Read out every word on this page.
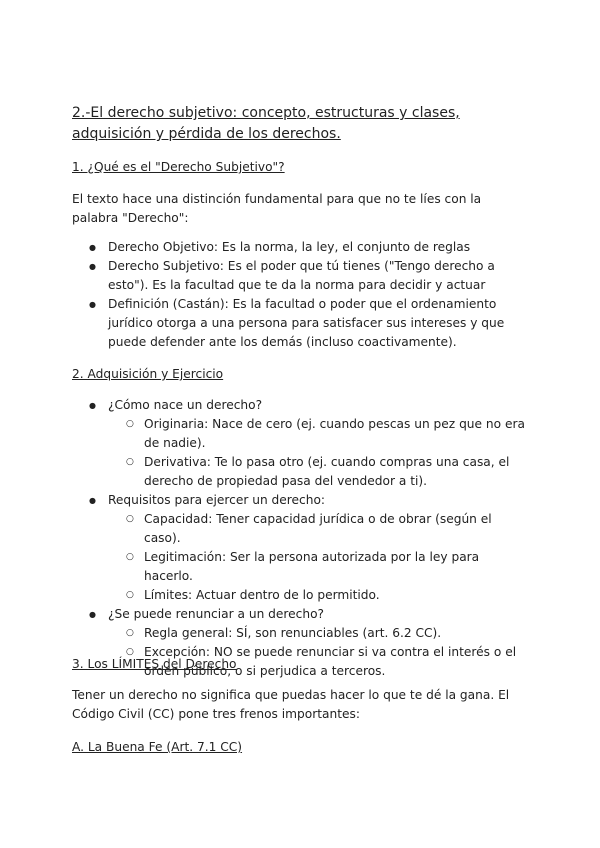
2.-El derecho subjetivo: concepto, estructuras y clases, adquisición y pérdida de los derechos.
1. ¿Qué es el "Derecho Subjetivo"?
El texto hace una distinción fundamental para que no te líes con la palabra "Derecho":
● Derecho Objetivo: Es la norma, la ley, el conjunto de reglas
● Derecho Subjetivo: Es el poder que tú tienes ("Tengo derecho a esto"). Es la facultad que te da la norma para decidir y actuar
● Definición (Castán): Es la facultad o poder que el ordenamiento jurídico otorga a una persona para satisfacer sus intereses y que puede defender ante los demás (incluso coactivamente).
2. Adquisición y Ejercicio
● ¿Cómo nace un derecho?
○ Originaria: Nace de cero (ej. cuando pescas un pez que no era de nadie).
○ Derivativa: Te lo pasa otro (ej. cuando compras una casa, el derecho de propiedad pasa del vendedor a ti).
● Requisitos para ejercer un derecho:
○ Capacidad: Tener capacidad jurídica o de obrar (según el caso).
○ Legitimación: Ser la persona autorizada por la ley para hacerlo.
○ Límites: Actuar dentro de lo permitido.
● ¿Se puede renunciar a un derecho?
○ Regla general: SÍ, son renunciables (art. 6.2 CC).
○ Excepción: NO se puede renunciar si va contra el interés o el orden público, o si perjudica a terceros.
3. Los LÍMITES del Derecho
Tener un derecho no significa que puedas hacer lo que te dé la gana. El Código Civil (CC) pone tres frenos importantes:
A. La Buena Fe (Art. 7.1 CC)
